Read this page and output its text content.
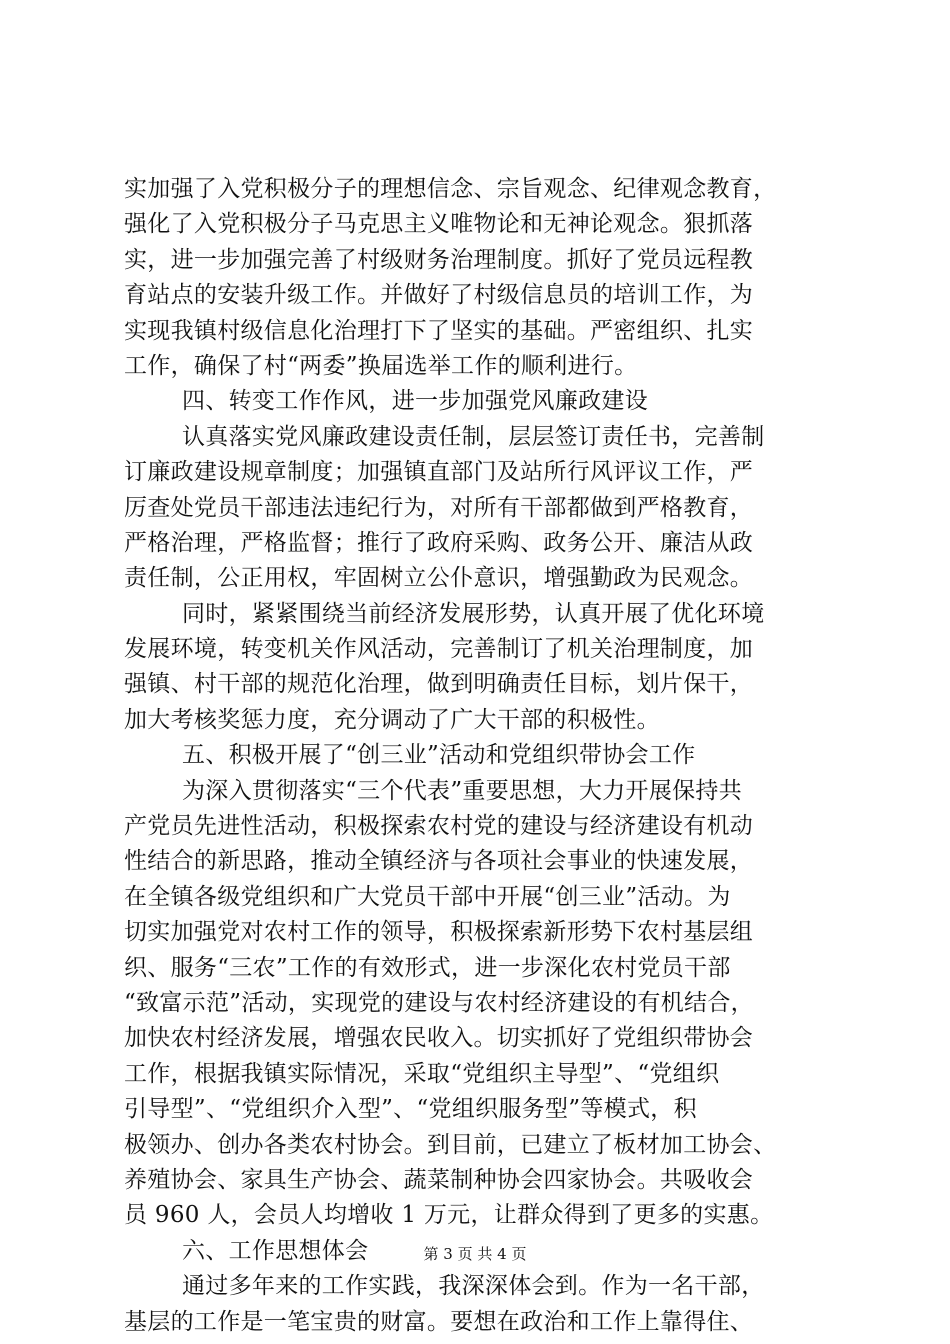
实加强了入党积极分子的理想信念、宗旨观念、纪律观念教育，
强化了入党积极分子马克思主义唯物论和无神论观念。狠抓落
实，进一步加强完善了村级财务治理制度。抓好了党员远程教
育站点的安装升级工作。并做好了村级信息员的培训工作，为
实现我镇村级信息化治理打下了坚实的基础。严密组织、扎实
工作，确保了村“两委”换届选举工作的顺利进行。
四、转变工作作风，进一步加强党风廉政建设
认真落实党风廉政建设责任制，层层签订责任书，完善制
订廉政建设规章制度；加强镇直部门及站所行风评议工作，严
厉查处党员干部违法违纪行为，对所有干部都做到严格教育，
严格治理，严格监督；推行了政府采购、政务公开、廉洁从政
责任制，公正用权，牢固树立公仆意识，增强勤政为民观念。
同时，紧紧围绕当前经济发展形势，认真开展了优化环境
发展环境，转变机关作风活动，完善制订了机关治理制度，加
强镇、村干部的规范化治理，做到明确责任目标，划片保干，
加大考核奖惩力度，充分调动了广大干部的积极性。
五、积极开展了“创三业”活动和党组织带协会工作
为深入贯彻落实“三个代表”重要思想，大力开展保持共
产党员先进性活动，积极探索农村党的建设与经济建设有机动
性结合的新思路，推动全镇经济与各项社会事业的快速发展，
在全镇各级党组织和广大党员干部中开展“创三业”活动。为
切实加强党对农村工作的领导，积极探索新形势下农村基层组
织、服务“三农”工作的有效形式，进一步深化农村党员干部
“致富示范”活动，实现党的建设与农村经济建设的有机结合，
加快农村经济发展，增强农民收入。切实抓好了党组织带协会
工作，根据我镇实际情况，采取“党组织主导型”、“党组织
引导型”、“党组织介入型”、“党组织服务型”等模式，积
极领办、创办各类农村协会。到目前，已建立了板材加工协会、
养殖协会、家具生产协会、蔬菜制种协会四家协会。共吸收会
员 960 人，会员人均增收 1 万元，让群众得到了更多的实惠。
六、工作思想体会
通过多年来的工作实践，我深深体会到。作为一名干部，
基层的工作是一笔宝贵的财富。要想在政治和工作上靠得住、
第 3 页 共 4 页
